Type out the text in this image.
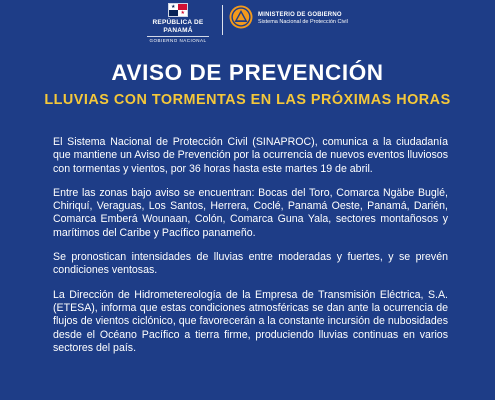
★
★
REPÚBLICA DE PANAMÁ
GOBIERNO NACIONAL
MINISTERIO DE GOBIERNO
Sistema Nacional de Protección Civil
AVISO DE PREVENCIÓN
LLUVIAS CON TORMENTAS EN LAS PRÓXIMAS HORAS

El Sistema Nacional de Protección Civil (SINAPROC), comunica a la ciudadanía que mantiene un Aviso de Prevención por la ocurrencia de nuevos eventos lluviosos con tormentas y vientos, por 36 horas hasta este martes 19 de abril.

Entre las zonas bajo aviso se encuentran: Bocas del Toro, Comarca Ngäbe Buglé, Chiriquí, Veraguas, Los Santos, Herrera, Coclé, Panamá Oeste, Panamá, Darién, Comarca Emberá Wounaan, Colón, Comarca Guna Yala, sectores montañosos y marítimos del Caribe y Pacífico panameño.

Se pronostican intensidades de lluvias entre moderadas y fuertes, y se prevén condiciones ventosas.

La Dirección de Hidrometereología de la Empresa de Transmisión Eléctrica, S.A. (ETESA), informa que estas condiciones atmosféricas se dan ante la ocurrencia de flujos de vientos ciclónico, que favorecerán a la constante incursión de nubosidades desde el Océano Pacífico a tierra firme, produciendo lluvias continuas en varios sectores del país.
